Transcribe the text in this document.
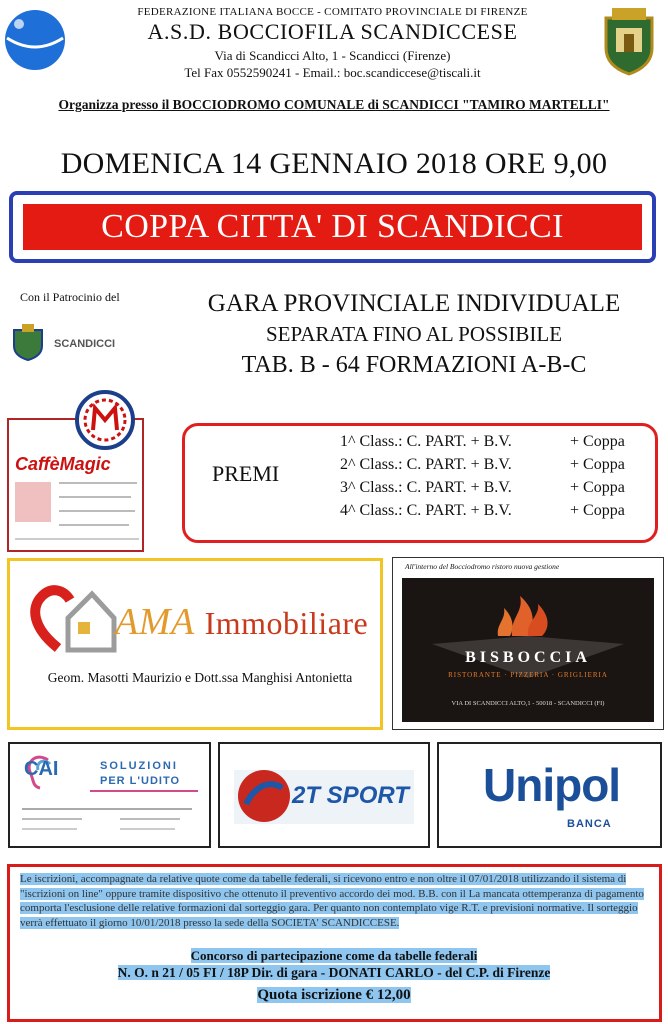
FEDERAZIONE ITALIANA BOCCE - COMITATO PROVINCIALE DI FIRENZE
A.S.D. BOCCIOFILA SCANDICCESE
Via di Scandicci Alto, 1 - Scandicci (Firenze)
Tel Fax 0552590241 - Email.: boc.scandiccese@tiscali.it
Organizza presso il BOCCIODROMO COMUNALE di SCANDICCI "TAMIRO MARTELLI"
DOMENICA 14 GENNAIO 2018 ORE 9,00
COPPA CITTA' DI SCANDICCI
Con il Patrocinio del
SCANDICCI
GARA PROVINCIALE INDIVIDUALE
SEPARATA FINO AL POSSIBILE
TAB. B - 64 FORMAZIONI A-B-C
CaffèMagic	PREMI
1^ Class.: C. PART. + B.V.	+ Coppa
2^ Class.: C. PART. + B.V.	+ Coppa
3^ Class.: C. PART. + B.V.	+ Coppa
4^ Class.: C. PART. + B.V.	+ Coppa
AMA Immobiliare
Geom. Masotti Maurizio e Dott.ssa Manghisi Antonietta
All'interno del Bocciodromo ristoro nuova gestione
BISBOCCIA
RISTORANTE · PIZZERIA · GRIGLIERIA
VIA DI SCANDICCI ALTO,1 - 50018 - SCANDICCI (FI)
CAI	SOLUZIONI
PER L'UDITO
2T SPORT Unipol
BANCA
Le iscrizioni, accompagnate da relative quote come da tabelle federali, si ricevono entro e non oltre il 07/01/2018 utilizzando il sistema di "iscrizioni on line" oppure tramite dispositivo che ottenuto il preventivo accordo dei mod. B.B. con il La mancata ottemperanza di pagamento comporta l'esclusione delle relative formazioni dal sorteggio gara. Per quanto non contemplato vige R.T. e previsioni normative. Il sorteggio verrà effettuato il giorno 10/01/2018 presso la sede della SOCIETA' SCANDICCESE.
Concorso di partecipazione come da tabelle federali
N. O. n 21 / 05 FI / 18P Dir. di gara - DONATI CARLO - del C.P. di Firenze
Quota iscrizione € 12,00
